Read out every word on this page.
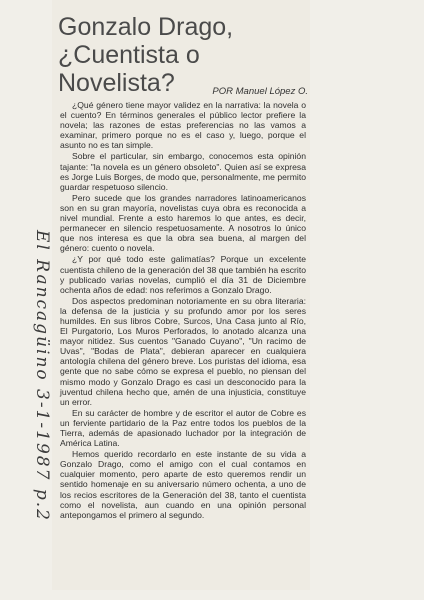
Gonzalo Drago,
¿Cuentista o
Novelista?	POR Manuel López O.

¿Qué género tiene mayor validez en la narrativa: la novela o el cuento? En términos generales el público lector prefiere la novela; las razones de estas preferencias no las vamos a examinar, primero porque no es el caso y, luego, porque el asunto no es tan simple.

Sobre el particular, sin embargo, conocemos esta opinión tajante: "la novela es un género obsoleto". Quien así se expresa es Jorge Luis Borges, de modo que, personalmente, me permito guardar respetuoso silencio.

Pero sucede que los grandes narradores latinoamericanos son en su gran mayoría, novelistas cuya obra es reconocida a nivel mundial. Frente a esto haremos lo que antes, es decir, permanecer en silencio respetuosamente. A nosotros lo único que nos interesa es que la obra sea buena, al margen del género: cuento o novela.

¿Y por qué todo este galimatías? Porque un excelente cuentista chileno de la generación del 38 que también ha escrito y publicado varias novelas, cumplió el día 31 de Diciembre ochenta años de edad: nos referimos a Gonzalo Drago.

Dos aspectos predominan notoriamente en su obra literaria: la defensa de la justicia y su profundo amor por los seres humildes. En sus libros Cobre, Surcos, Una Casa junto al Río, El Purgatorio, Los Muros Perforados, lo anotado alcanza una mayor nitidez. Sus cuentos "Ganado Cuyano", "Un racimo de Uvas", "Bodas de Plata", debieran aparecer en cualquiera antología chilena del género breve. Los puristas del idioma, esa gente que no sabe cómo se expresa el pueblo, no piensan del mismo modo y Gonzalo Drago es casi un desconocido para la juventud chilena hecho que, amén de una injusticia, constituye un error.

En su carácter de hombre y de escritor el autor de Cobre es un ferviente partidario de la Paz entre todos los pueblos de la Tierra, además de apasionado luchador por la integración de América Latina.

Hemos querido recordarlo en este instante de su vida a Gonzalo Drago, como el amigo con el cual contamos en cualquier momento, pero aparte de esto queremos rendir un sentido homenaje en su aniversario número ochenta, a uno de los recios escritores de la Generación del 38, tanto el cuentista como el novelista, aun cuando en una opinión personal antepongamos el primero al segundo.

El Rancagüino 3-1-1987 p.2
